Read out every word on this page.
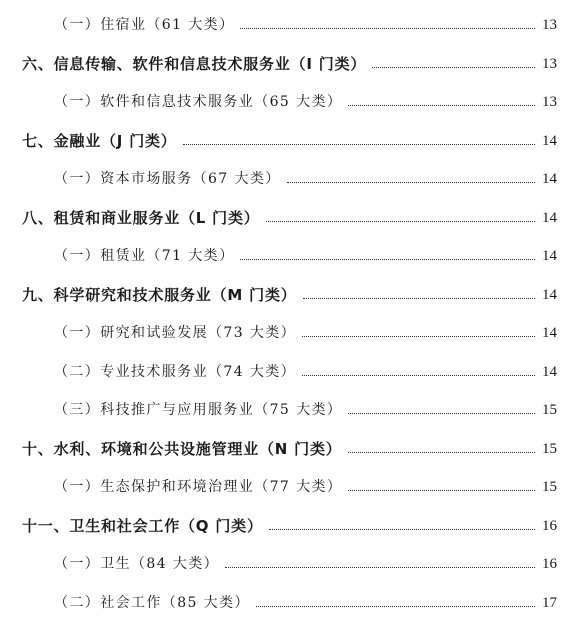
（一）住宿业（61 大类）	13
六、信息传输、软件和信息技术服务业（I 门类）	13
（一）软件和信息技术服务业（65 大类）	13
七、金融业（J 门类）	14
（一）资本市场服务（67 大类）	14
八、租赁和商业服务业（L 门类）	14
（一）租赁业（71 大类）	14
九、科学研究和技术服务业（M 门类）	14
（一）研究和试验发展（73 大类）	14
（二）专业技术服务业（74 大类）	14
（三）科技推广与应用服务业（75 大类）	15
十、水利、环境和公共设施管理业（N 门类）	15
（一）生态保护和环境治理业（77 大类）	15
十一、卫生和社会工作（Q 门类）	16
（一）卫生（84 大类）	16
（二）社会工作（85 大类）	17
